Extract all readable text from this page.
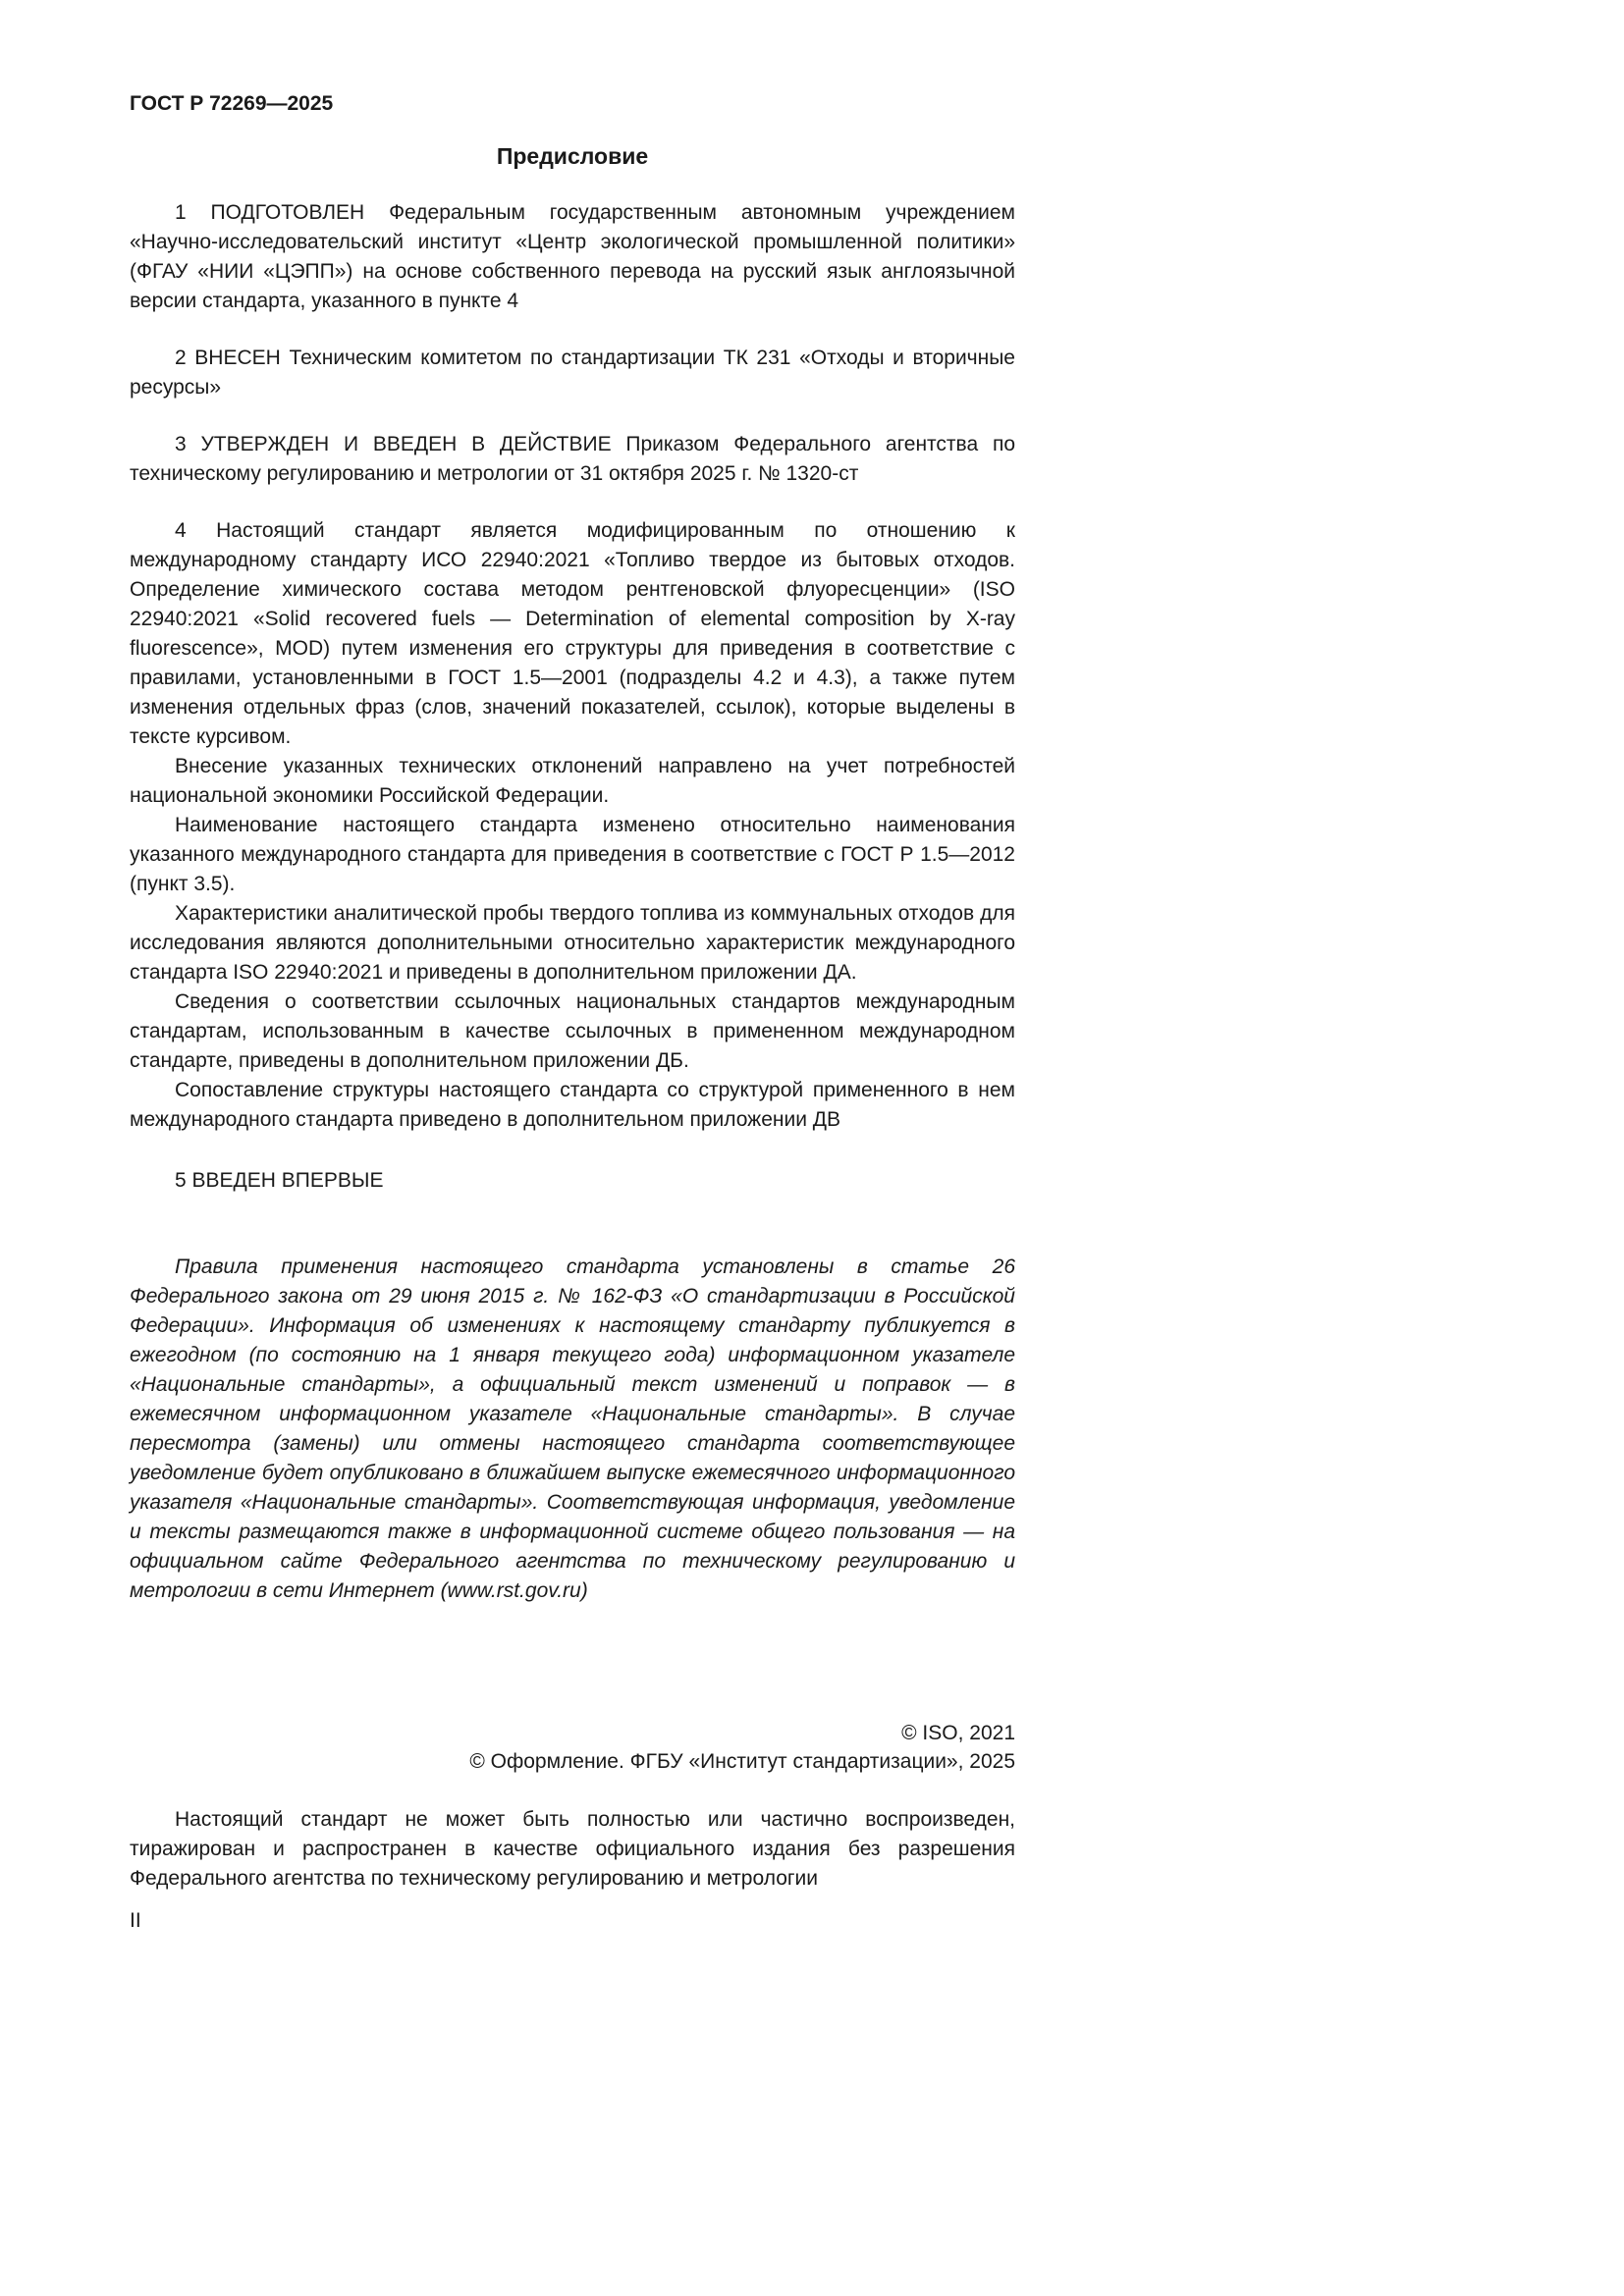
ГОСТ Р 72269—2025
Предисловие

1 ПОДГОТОВЛЕН Федеральным государственным автономным учреждением «Научно-исследовательский институт «Центр экологической промышленной политики» (ФГАУ «НИИ «ЦЭПП») на основе собственного перевода на русский язык англоязычной версии стандарта, указанного в пункте 4

2 ВНЕСЕН Техническим комитетом по стандартизации ТК 231 «Отходы и вторичные ресурсы»

3 УТВЕРЖДЕН И ВВЕДЕН В ДЕЙСТВИЕ Приказом Федерального агентства по техническому регулированию и метрологии от 31 октября 2025 г. № 1320-ст

4 Настоящий стандарт является модифицированным по отношению к международному стандарту ИСО 22940:2021 «Топливо твердое из бытовых отходов. Определение химического состава методом рентгеновской флуоресценции» (ISO 22940:2021 «Solid recovered fuels — Determination of elemental composition by X-ray fluorescence», MOD) путем изменения его структуры для приведения в соответствие с правилами, установленными в ГОСТ 1.5—2001 (подразделы 4.2 и 4.3), а также путем изменения отдельных фраз (слов, значений показателей, ссылок), которые выделены в тексте курсивом.

Внесение указанных технических отклонений направлено на учет потребностей национальной экономики Российской Федерации.

Наименование настоящего стандарта изменено относительно наименования указанного международного стандарта для приведения в соответствие с ГОСТ Р 1.5—2012 (пункт 3.5).

Характеристики аналитической пробы твердого топлива из коммунальных отходов для исследования являются дополнительными относительно характеристик международного стандарта ISO 22940:2021 и приведены в дополнительном приложении ДА.

Сведения о соответствии ссылочных национальных стандартов международным стандартам, использованным в качестве ссылочных в примененном международном стандарте, приведены в дополнительном приложении ДБ.

Сопоставление структуры настоящего стандарта со структурой примененного в нем международного стандарта приведено в дополнительном приложении ДВ

5 ВВЕДЕН ВПЕРВЫЕ

Правила применения настоящего стандарта установлены в статье 26 Федерального закона от 29 июня 2015 г. № 162-ФЗ «О стандартизации в Российской Федерации». Информация об изменениях к настоящему стандарту публикуется в ежегодном (по состоянию на 1 января текущего года) информационном указателе «Национальные стандарты», а официальный текст изменений и поправок — в ежемесячном информационном указателе «Национальные стандарты». В случае пересмотра (замены) или отмены настоящего стандарта соответствующее уведомление будет опубликовано в ближайшем выпуске ежемесячного информационного указателя «Национальные стандарты». Соответствующая информация, уведомление и тексты размещаются также в информационной системе общего пользования — на официальном сайте Федерального агентства по техническому регулированию и метрологии в сети Интернет (www.rst.gov.ru)

© ISO, 2021
© Оформление. ФГБУ «Институт стандартизации», 2025

Настоящий стандарт не может быть полностью или частично воспроизведен, тиражирован и распространен в качестве официального издания без разрешения Федерального агентства по техническому регулированию и метрологии

II
